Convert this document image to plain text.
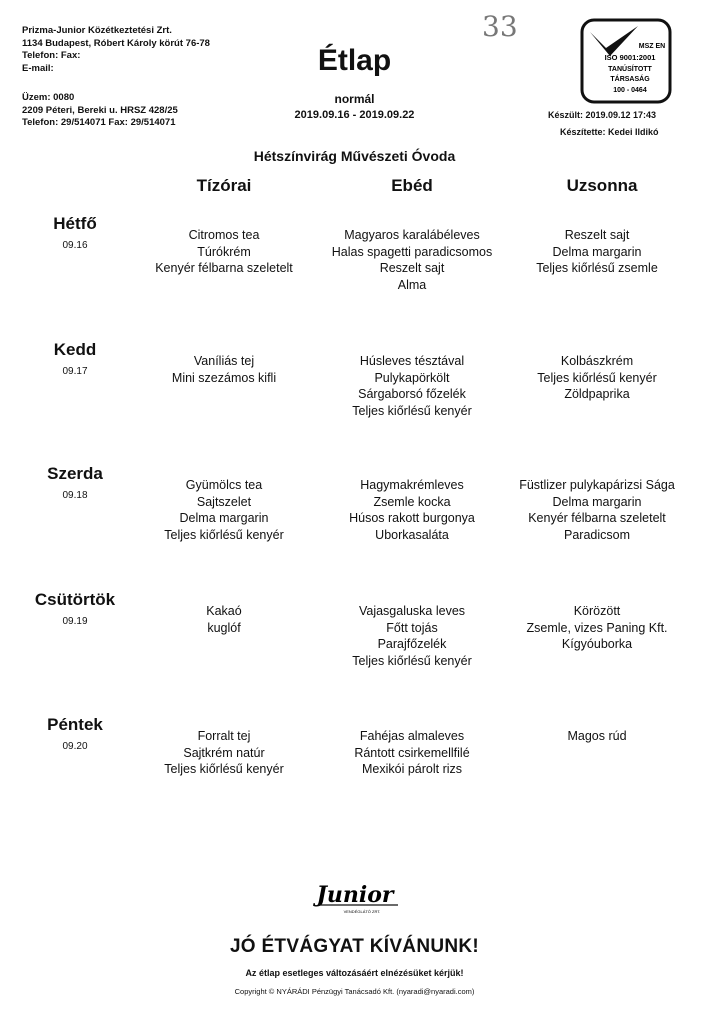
Prizma-Junior Közétkeztetési Zrt.
1134 Budapest, Róbert Károly körút 76-78
Telefon: Fax:
E-mail:
Üzem: 0080
2209 Péteri, Bereki u. HRSZ 428/25
Telefon: 29/514071 Fax: 29/514071
33
Étlap
normál
2019.09.16 - 2019.09.22
MSZ EN
ISO 9001:2001
TANÚSÍTOTT
TÁRSASÁG
100 - 0464
Készült: 2019.09.12 17:43
Készítette: Kedei Ildikó
Hétszínvirág Művészeti Óvoda
Tízórai	Ebéd	Uzsonna
Hétfő
09.16
Citromos tea
Túrókrém
Kenyér félbarna szeletelt
Magyaros karalábéleves
Halas spagetti paradicsomos
Reszelt sajt
Alma
Reszelt sajt
Delma margarin
Teljes kiőrlésű zsemle
Kedd
09.17
Vaníliás tej
Mini szezámos kifli
Húsleves tésztával
Pulykapörkölt
Sárgaborsó főzelék
Teljes kiőrlésű kenyér
Kolbászkrém
Teljes kiőrlésű kenyér
Zöldpaprika
Szerda
09.18
Gyümölcs tea
Sajtszelet
Delma margarin
Teljes kiőrlésű kenyér
Hagymakrémleves
Zsemle kocka
Húsos rakott burgonya
Uborkasaláta
Füstlizer pulykapárizsi Sága
Delma margarin
Kenyér félbarna szeletelt
Paradicsom
Csütörtök
09.19
Kakaó
kuglóf
Vajasgaluska leves
Főtt tojás
Parajfőzelék
Teljes kiőrlésű kenyér
Körözött
Zsemle, vizes Paning Kft.
Kígyóuborka
Péntek
09.20
Forralt tej
Sajtkrém natúr
Teljes kiőrlésű kenyér
Fahéjas almaleves
Rántott csirkemellfilé
Mexikói párolt rizs
Magos rúd
Junior
VENDÉGLÁTÓ ZRT.
JÓ ÉTVÁGYAT KÍVÁNUNK!
Az étlap esetleges változásáért elnézésüket kérjük!
Copyright © NYÁRÁDI Pénzügyi Tanácsadó Kft. (nyaradi@nyaradi.com)
